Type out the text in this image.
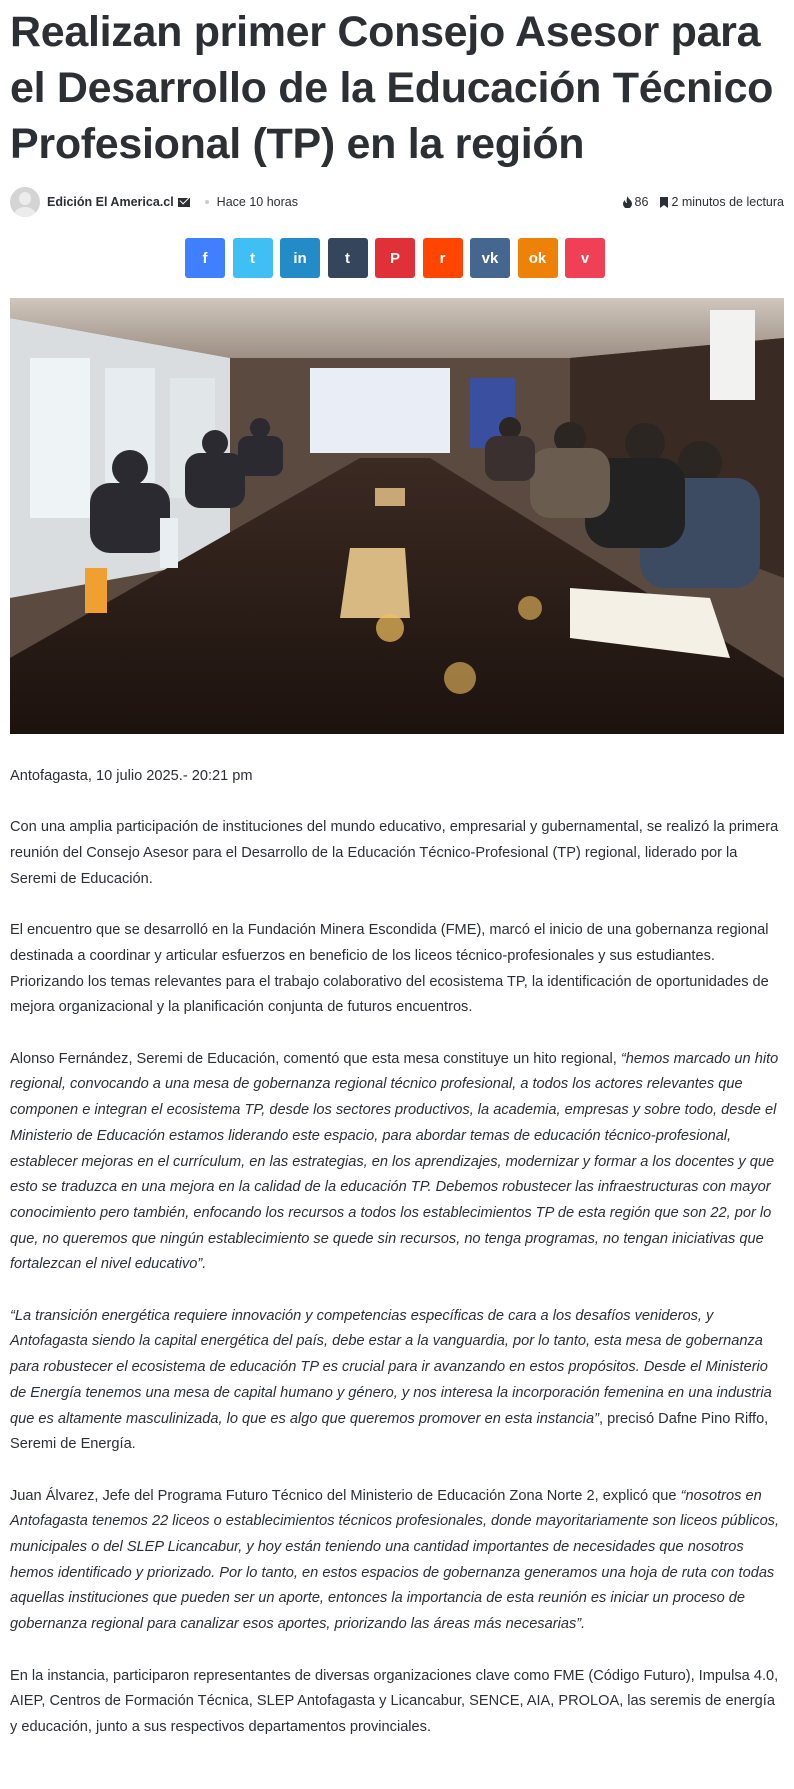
Realizan primer Consejo Asesor para el Desarrollo de la Educación Técnico Profesional (TP) en la región
Edición El America.cl	Hace 10 horas	86 2 minutos de lectura
f	t	in	t	P	r vk ok v

Antofagasta, 10 julio 2025.- 20:21 pm

Con una amplia participación de instituciones del mundo educativo, empresarial y gubernamental, se realizó la primera reunión del Consejo Asesor para el Desarrollo de la Educación Técnico-Profesional (TP) regional, liderado por la Seremi de Educación.

El encuentro que se desarrolló en la Fundación Minera Escondida (FME), marcó el inicio de una gobernanza regional destinada a coordinar y articular esfuerzos en beneficio de los liceos técnico-profesionales y sus estudiantes. Priorizando los temas relevantes para el trabajo colaborativo del ecosistema TP, la identificación de oportunidades de mejora organizacional y la planificación conjunta de futuros encuentros.

Alonso Fernández, Seremi de Educación, comentó que esta mesa constituye un hito regional, “hemos marcado un hito regional, convocando a una mesa de gobernanza regional técnico profesional, a todos los actores relevantes que componen e integran el ecosistema TP, desde los sectores productivos, la academia, empresas y sobre todo, desde el Ministerio de Educación estamos liderando este espacio, para abordar temas de educación técnico-profesional, establecer mejoras en el currículum, en las estrategias, en los aprendizajes, modernizar y formar a los docentes y que esto se traduzca en una mejora en la calidad de la educación TP. Debemos robustecer las infraestructuras con mayor conocimiento pero también, enfocando los recursos a todos los establecimientos TP de esta región que son 22, por lo que, no queremos que ningún establecimiento se quede sin recursos, no tenga programas, no tengan iniciativas que fortalezcan el nivel educativo”.

“La transición energética requiere innovación y competencias específicas de cara a los desafíos venideros, y Antofagasta siendo la capital energética del país, debe estar a la vanguardia, por lo tanto, esta mesa de gobernanza para robustecer el ecosistema de educación TP es crucial para ir avanzando en estos propósitos. Desde el Ministerio de Energía tenemos una mesa de capital humano y género, y nos interesa la incorporación femenina en una industria que es altamente masculinizada, lo que es algo que queremos promover en esta instancia”, precisó Dafne Pino Riffo, Seremi de Energía.

Juan Álvarez, Jefe del Programa Futuro Técnico del Ministerio de Educación Zona Norte 2, explicó que “nosotros en Antofagasta tenemos 22 liceos o establecimientos técnicos profesionales, donde mayoritariamente son liceos públicos, municipales o del SLEP Licancabur, y hoy están teniendo una cantidad importantes de necesidades que nosotros hemos identificado y priorizado. Por lo tanto, en estos espacios de gobernanza generamos una hoja de ruta con todas aquellas instituciones que pueden ser un aporte, entonces la importancia de esta reunión es iniciar un proceso de gobernanza regional para canalizar esos aportes, priorizando las áreas más necesarias”.

En la instancia, participaron representantes de diversas organizaciones clave como FME (Código Futuro), Impulsa 4.0, AIEP, Centros de Formación Técnica, SLEP Antofagasta y Licancabur, SENCE, AIA, PROLOA, las seremis de energía y educación, junto a sus respectivos departamentos provinciales.
